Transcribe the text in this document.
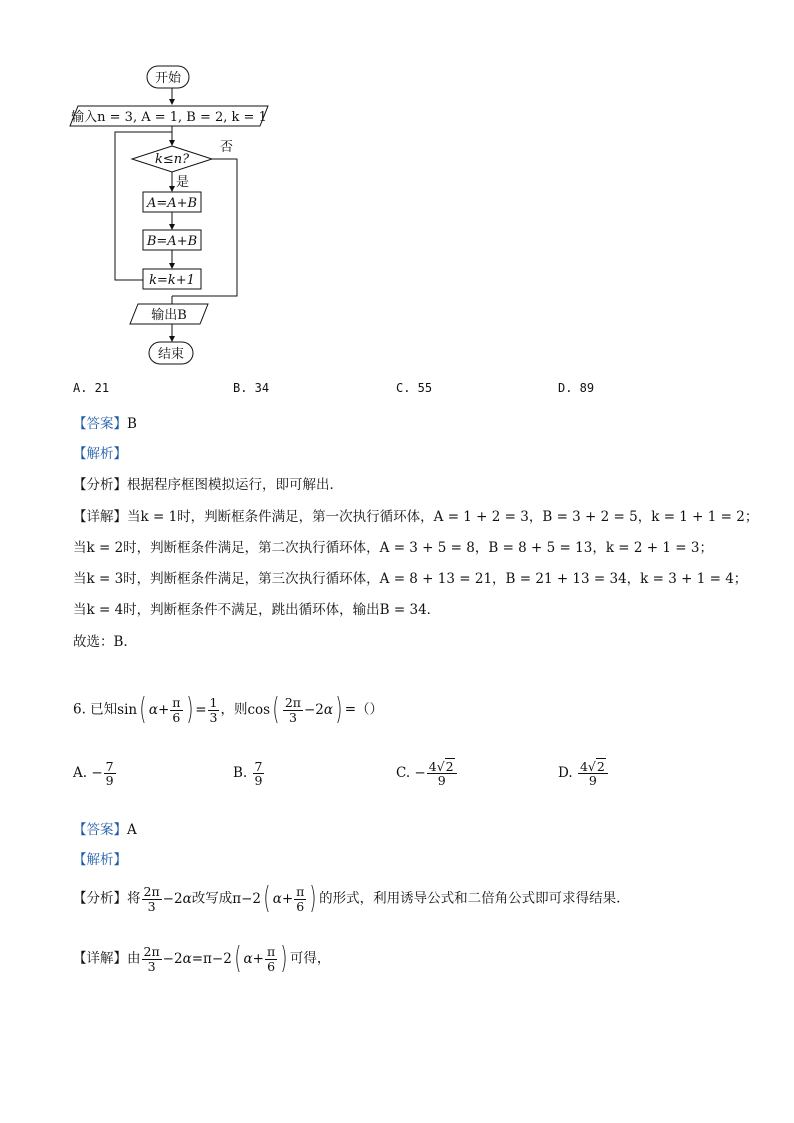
开始
输入n = 3, A = 1, B = 2, k = 1
k≤n?
否
是
A=A+B
B=A+B
k=k+1
输出B
结束
A. 21	B. 34	C. 55	D. 89
【答案】B
【解析】
【分析】根据程序框图模拟运行，即可解出．
【详解】当k = 1时，判断框条件满足，第一次执行循环体，A = 1 + 2 = 3，B = 3 + 2 = 5，k = 1 + 1 = 2；
当k = 2时，判断框条件满足，第二次执行循环体，A = 3 + 5 = 8，B = 8 + 5 = 13，k = 2 + 1 = 3；
当k = 3时，判断框条件满足，第三次执行循环体，A = 8 + 13 = 21，B = 21 + 13 = 34，k = 3 + 1 = 4；
当k = 4时，判断框条件不满足，跳出循环体，输出B = 34．
故选：B.
6. 已知sin( $\alpha+ \frac{\pi}{6}$ ) = $\frac{1}{3}$ ，则$\cos( \frac{2\pi}{3} -2\alpha)$ =（）
A. − $\frac{7}{9}$	B. $\frac{7}{9}$	C. − $\frac{4√2}{9}$	D. $\frac{4√2}{9}$
【答案】A
【解析】
【分析】将 $\frac{2\pi}{3} -2\alpha$改写成π−2( $\alpha+ \frac{\pi}{6}$ ) 的形式，利用诱导公式和二倍角公式即可求得结果.
【详解】由 $\frac{2\pi}{3} -2\alpha=\pi-2$( $\alpha+ \frac{\pi}{6}$ ) 可得，
